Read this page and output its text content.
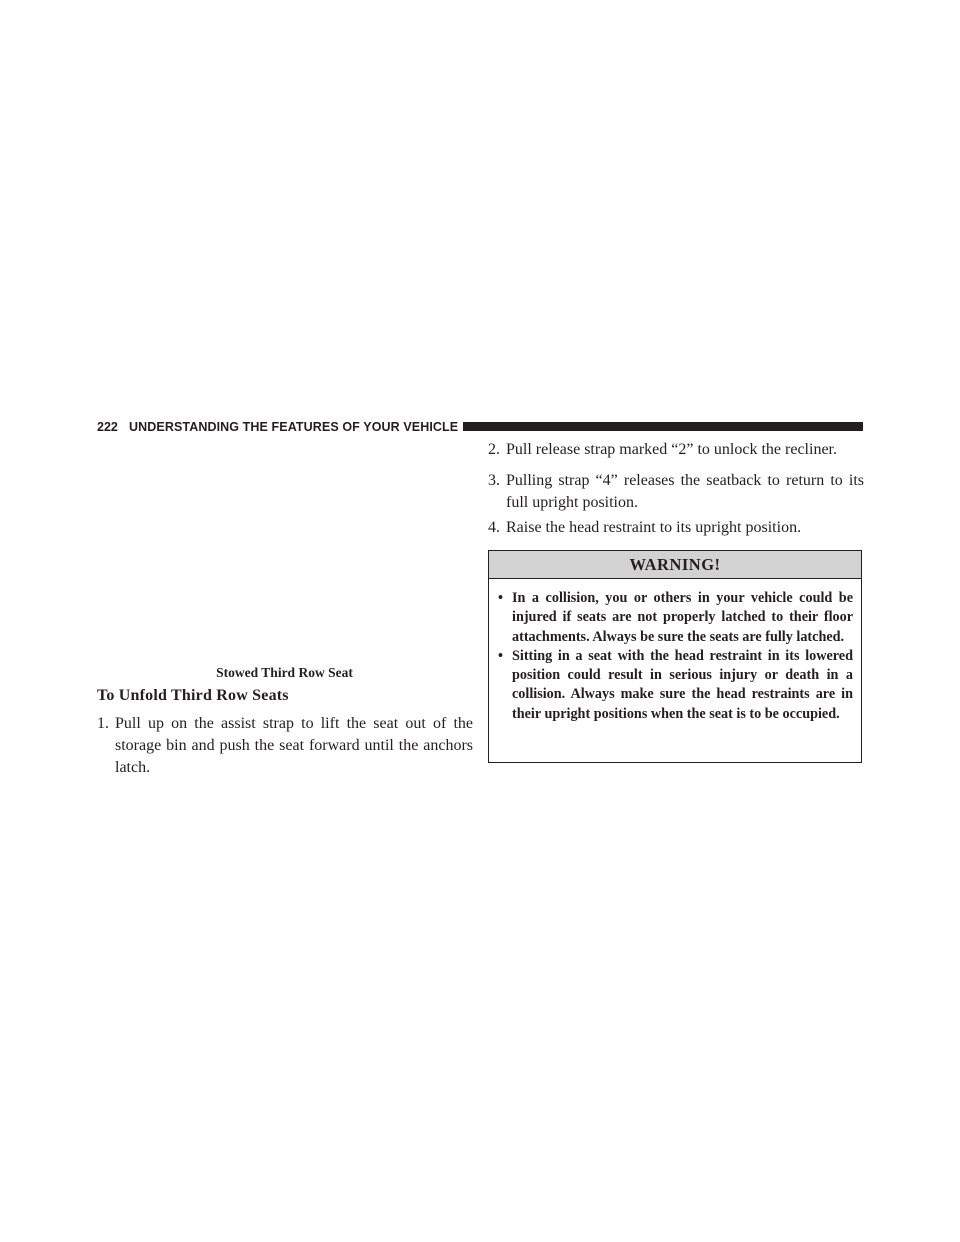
222 UNDERSTANDING THE FEATURES OF YOUR VEHICLE
Stowed Third Row Seat
To Unfold Third Row Seats
1. Pull up on the assist strap to lift the seat out of the storage bin and push the seat forward until the anchors latch.
2. Pull release strap marked “2” to unlock the recliner.
3. Pulling strap “4” releases the seatback to return to its full upright position.
4. Raise the head restraint to its upright position.
WARNING!
• In a collision, you or others in your vehicle could be injured if seats are not properly latched to their floor attachments. Always be sure the seats are fully latched.
• Sitting in a seat with the head restraint in its lowered position could result in serious injury or death in a collision. Always make sure the head restraints are in their upright positions when the seat is to be occupied.
